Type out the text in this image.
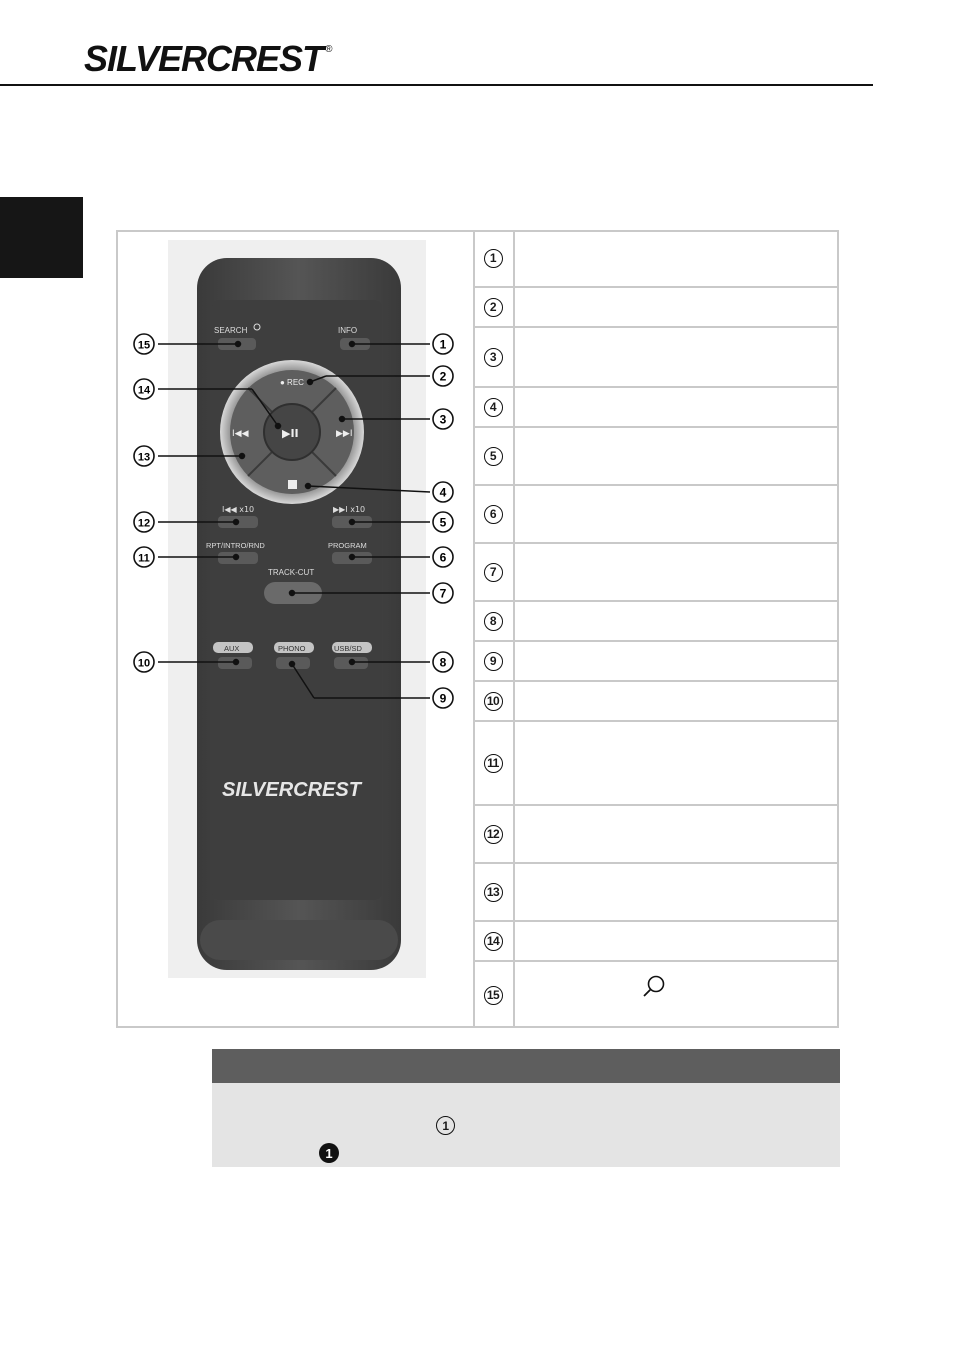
SILVERCREST ®
SEARCH	INFO
▶II
● REC
I◀◀	▶▶I
I◀◀ x10	▶▶I x10
RPT/INTRO/RND	PROGRAM
TRACK-CUT
AUX	PHONO	USB/SD
SILVERCREST
1
2
3
4
5
6
7
8
9
10
11
12
13
14
15
1
2
3
4
5
6
7
8
9
10
11
12
13
14
15
1
1
